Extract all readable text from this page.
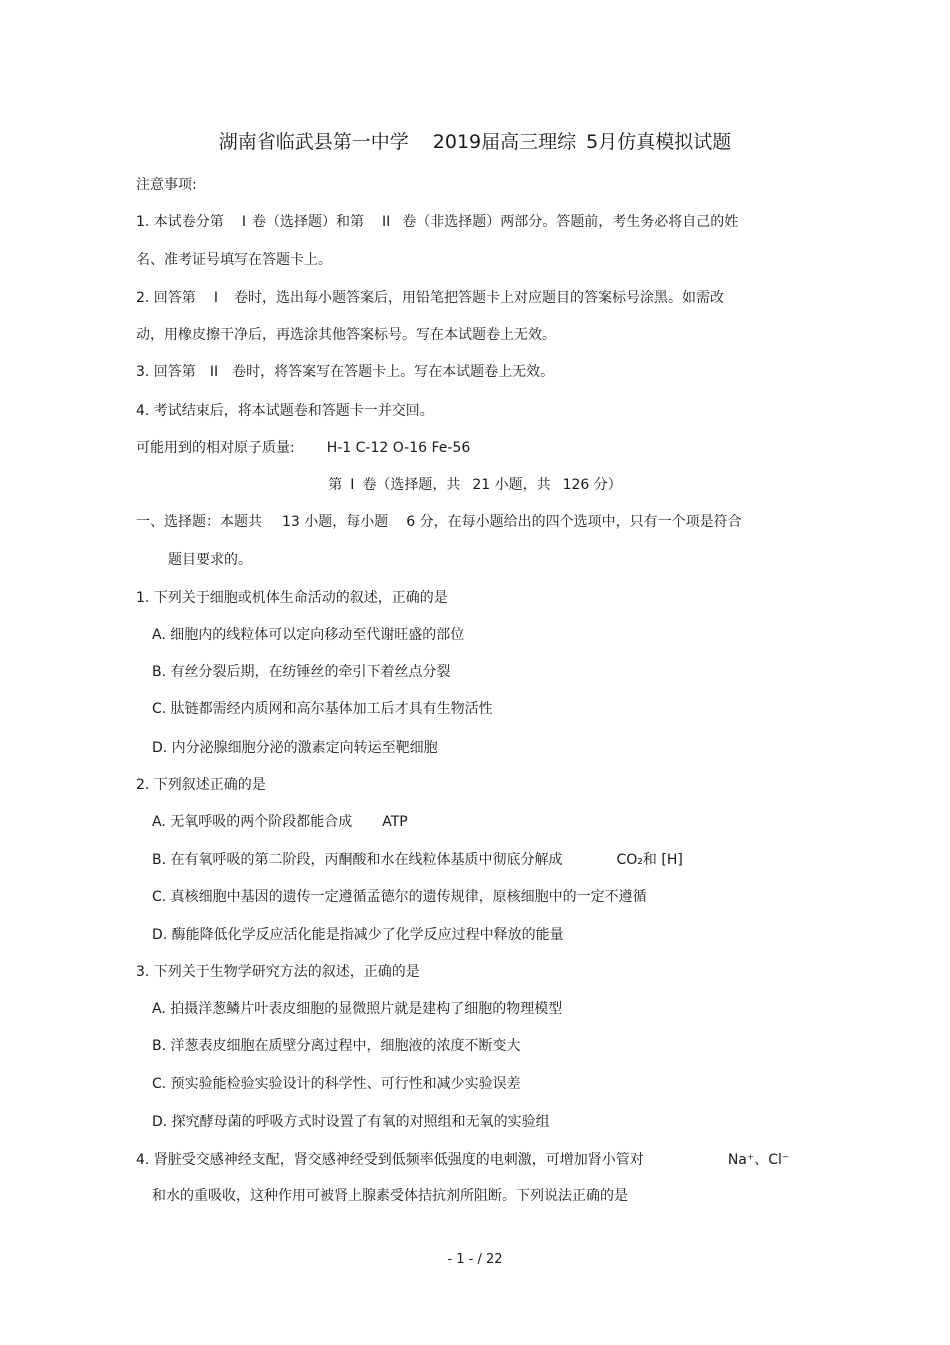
湖南省临武县第一中学 2019届高三理综 5月仿真模拟试题
注意事项:
1. 本试卷分第 I 卷（选择题）和第 II 卷（非选择题）两部分。答题前，考生务必将自己的姓
名、准考证号填写在答题卡上。
2. 回答第 I 卷时，选出每小题答案后，用铅笔把答题卡上对应题目的答案标号涂黑。如需改
动，用橡皮擦干净后，再选涂其他答案标号。写在本试题卷上无效。
3. 回答第 II 卷时，将答案写在答题卡上。写在本试题卷上无效。
4. 考试结束后，将本试题卷和答题卡一并交回。
可能用到的相对原子质量: H-1 C-12 O-16 Fe-56
第 I 卷（选择题，共 21 小题，共 126 分）
一、选择题：本题共 13 小题，每小题 6 分，在每小题给出的四个选项中，只有一个项是符合
题目要求的。
1. 下列关于细胞或机体生命活动的叙述，正确的是
A. 细胞内的线粒体可以定向移动至代谢旺盛的部位
B. 有丝分裂后期，在纺锤丝的牵引下着丝点分裂
C. 肽链都需经内质网和高尔基体加工后才具有生物活性
D. 内分泌腺细胞分泌的激素定向转运至靶细胞
2. 下列叙述正确的是
A. 无氧呼吸的两个阶段都能合成 ATP
B. 在有氧呼吸的第二阶段，丙酮酸和水在线粒体基质中彻底分解成	CO₂和 [H]
C. 真核细胞中基因的遗传一定遵循孟德尔的遗传规律，原核细胞中的一定不遵循
D. 酶能降低化学反应活化能是指减少了化学反应过程中释放的能量
3. 下列关于生物学研究方法的叙述，正确的是
A. 拍摄洋葱鳞片叶表皮细胞的显微照片就是建构了细胞的物理模型
B. 洋葱表皮细胞在质壁分离过程中，细胞液的浓度不断变大
C. 预实验能检验实验设计的科学性、可行性和减少实验误差
D. 探究酵母菌的呼吸方式时设置了有氧的对照组和无氧的实验组
4. 肾脏受交感神经支配，肾交感神经受到低频率低强度的电刺激，可增加肾小管对	Na⁺、Cl⁻
和水的重吸收，这种作用可被肾上腺素受体拮抗剂所阻断。下列说法正确的是
- 1 - / 22
